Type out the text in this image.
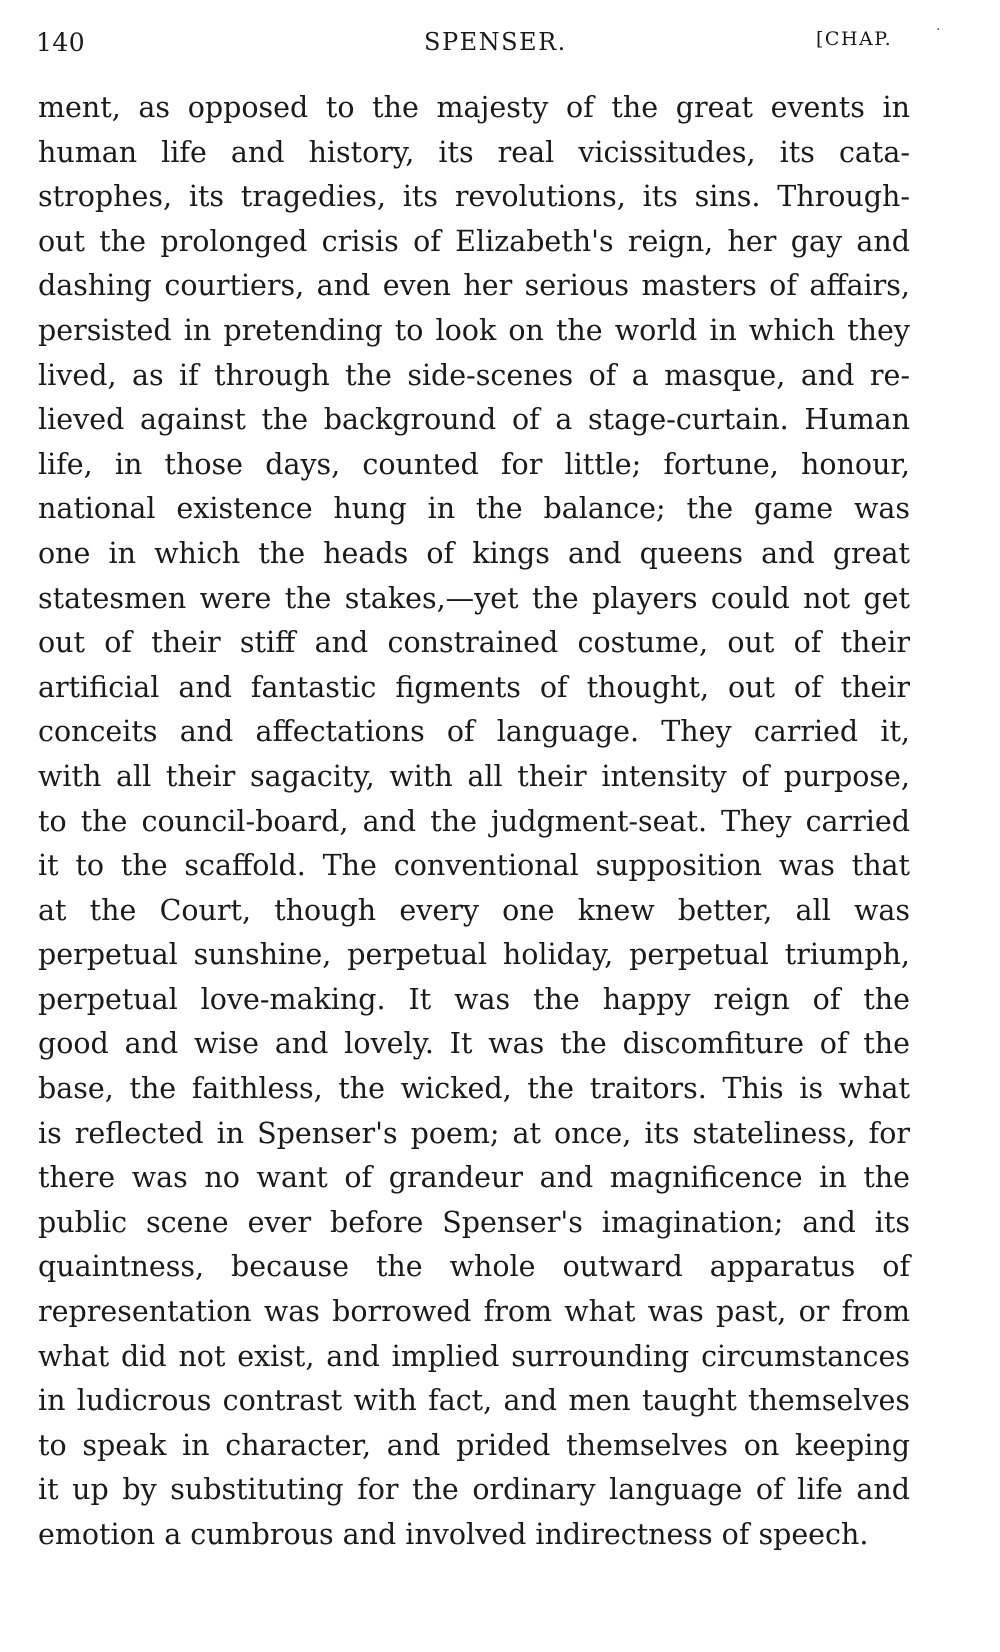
140	SPENSER.	[CHAP.	·
ment, as opposed to the majesty of the great events in
human life and history, its real vicissitudes, its cata-
strophes, its tragedies, its revolutions, its sins. Through-
out the prolonged crisis of Elizabeth's reign, her gay and
dashing courtiers, and even her serious masters of affairs,
persisted in pretending to look on the world in which they
lived, as if through the side-scenes of a masque, and re-
lieved against the background of a stage-curtain. Human
life, in those days, counted for little; fortune, honour,
national existence hung in the balance; the game was
one in which the heads of kings and queens and great
statesmen were the stakes,—yet the players could not get
out of their stiff and constrained costume, out of their
artificial and fantastic figments of thought, out of their
conceits and affectations of language. They carried it,
with all their sagacity, with all their intensity of purpose,
to the council-board, and the judgment-seat. They carried
it to the scaffold. The conventional supposition was that
at the Court, though every one knew better, all was
perpetual sunshine, perpetual holiday, perpetual triumph,
perpetual love-making. It was the happy reign of the
good and wise and lovely. It was the discomfiture of the
base, the faithless, the wicked, the traitors. This is what
is reflected in Spenser's poem; at once, its stateliness, for
there was no want of grandeur and magnificence in the
public scene ever before Spenser's imagination; and its
quaintness, because the whole outward apparatus of
representation was borrowed from what was past, or from
what did not exist, and implied surrounding circumstances
in ludicrous contrast with fact, and men taught themselves
to speak in character, and prided themselves on keeping
it up by substituting for the ordinary language of life and
emotion a cumbrous and involved indirectness of speech.
